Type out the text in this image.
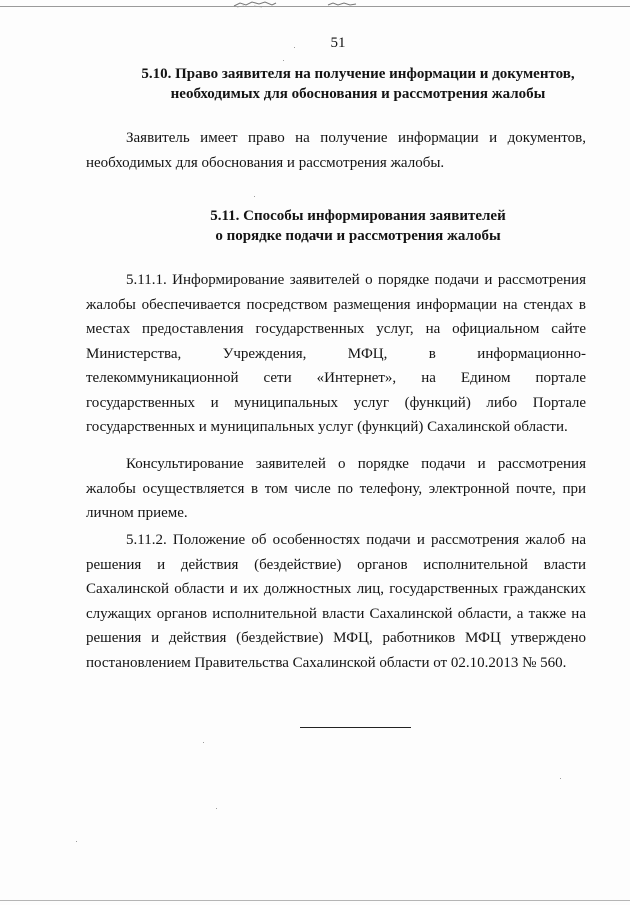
51
5.10. Право заявителя на получение информации и документов,
необходимых для обоснования и рассмотрения жалобы

Заявитель имеет право на получение информации и документов,
необходимых для обоснования и рассмотрения жалобы.

5.11. Способы информирования заявителей
о порядке подачи и рассмотрения жалобы

5.11.1. Информирование заявителей о порядке подачи и рассмотрения
жалобы обеспечивается посредством размещения информации на стендах в
местах предоставления государственных услуг, на официальном сайте
Министерства, Учреждения, МФЦ, в информационно-
телекоммуникационной сети «Интернет», на Едином портале
государственных и муниципальных услуг (функций) либо Портале
государственных и муниципальных услуг (функций) Сахалинской области.

Консультирование заявителей о порядке подачи и рассмотрения
жалобы осуществляется в том числе по телефону, электронной почте, при
личном приеме.

5.11.2. Положение об особенностях подачи и рассмотрения жалоб на
решения и действия (бездействие) органов исполнительной власти
Сахалинской области и их должностных лиц, государственных гражданских
служащих органов исполнительной власти Сахалинской области, а также на
решения и действия (бездействие) МФЦ, работников МФЦ утверждено
постановлением Правительства Сахалинской области от 02.10.2013 № 560.
